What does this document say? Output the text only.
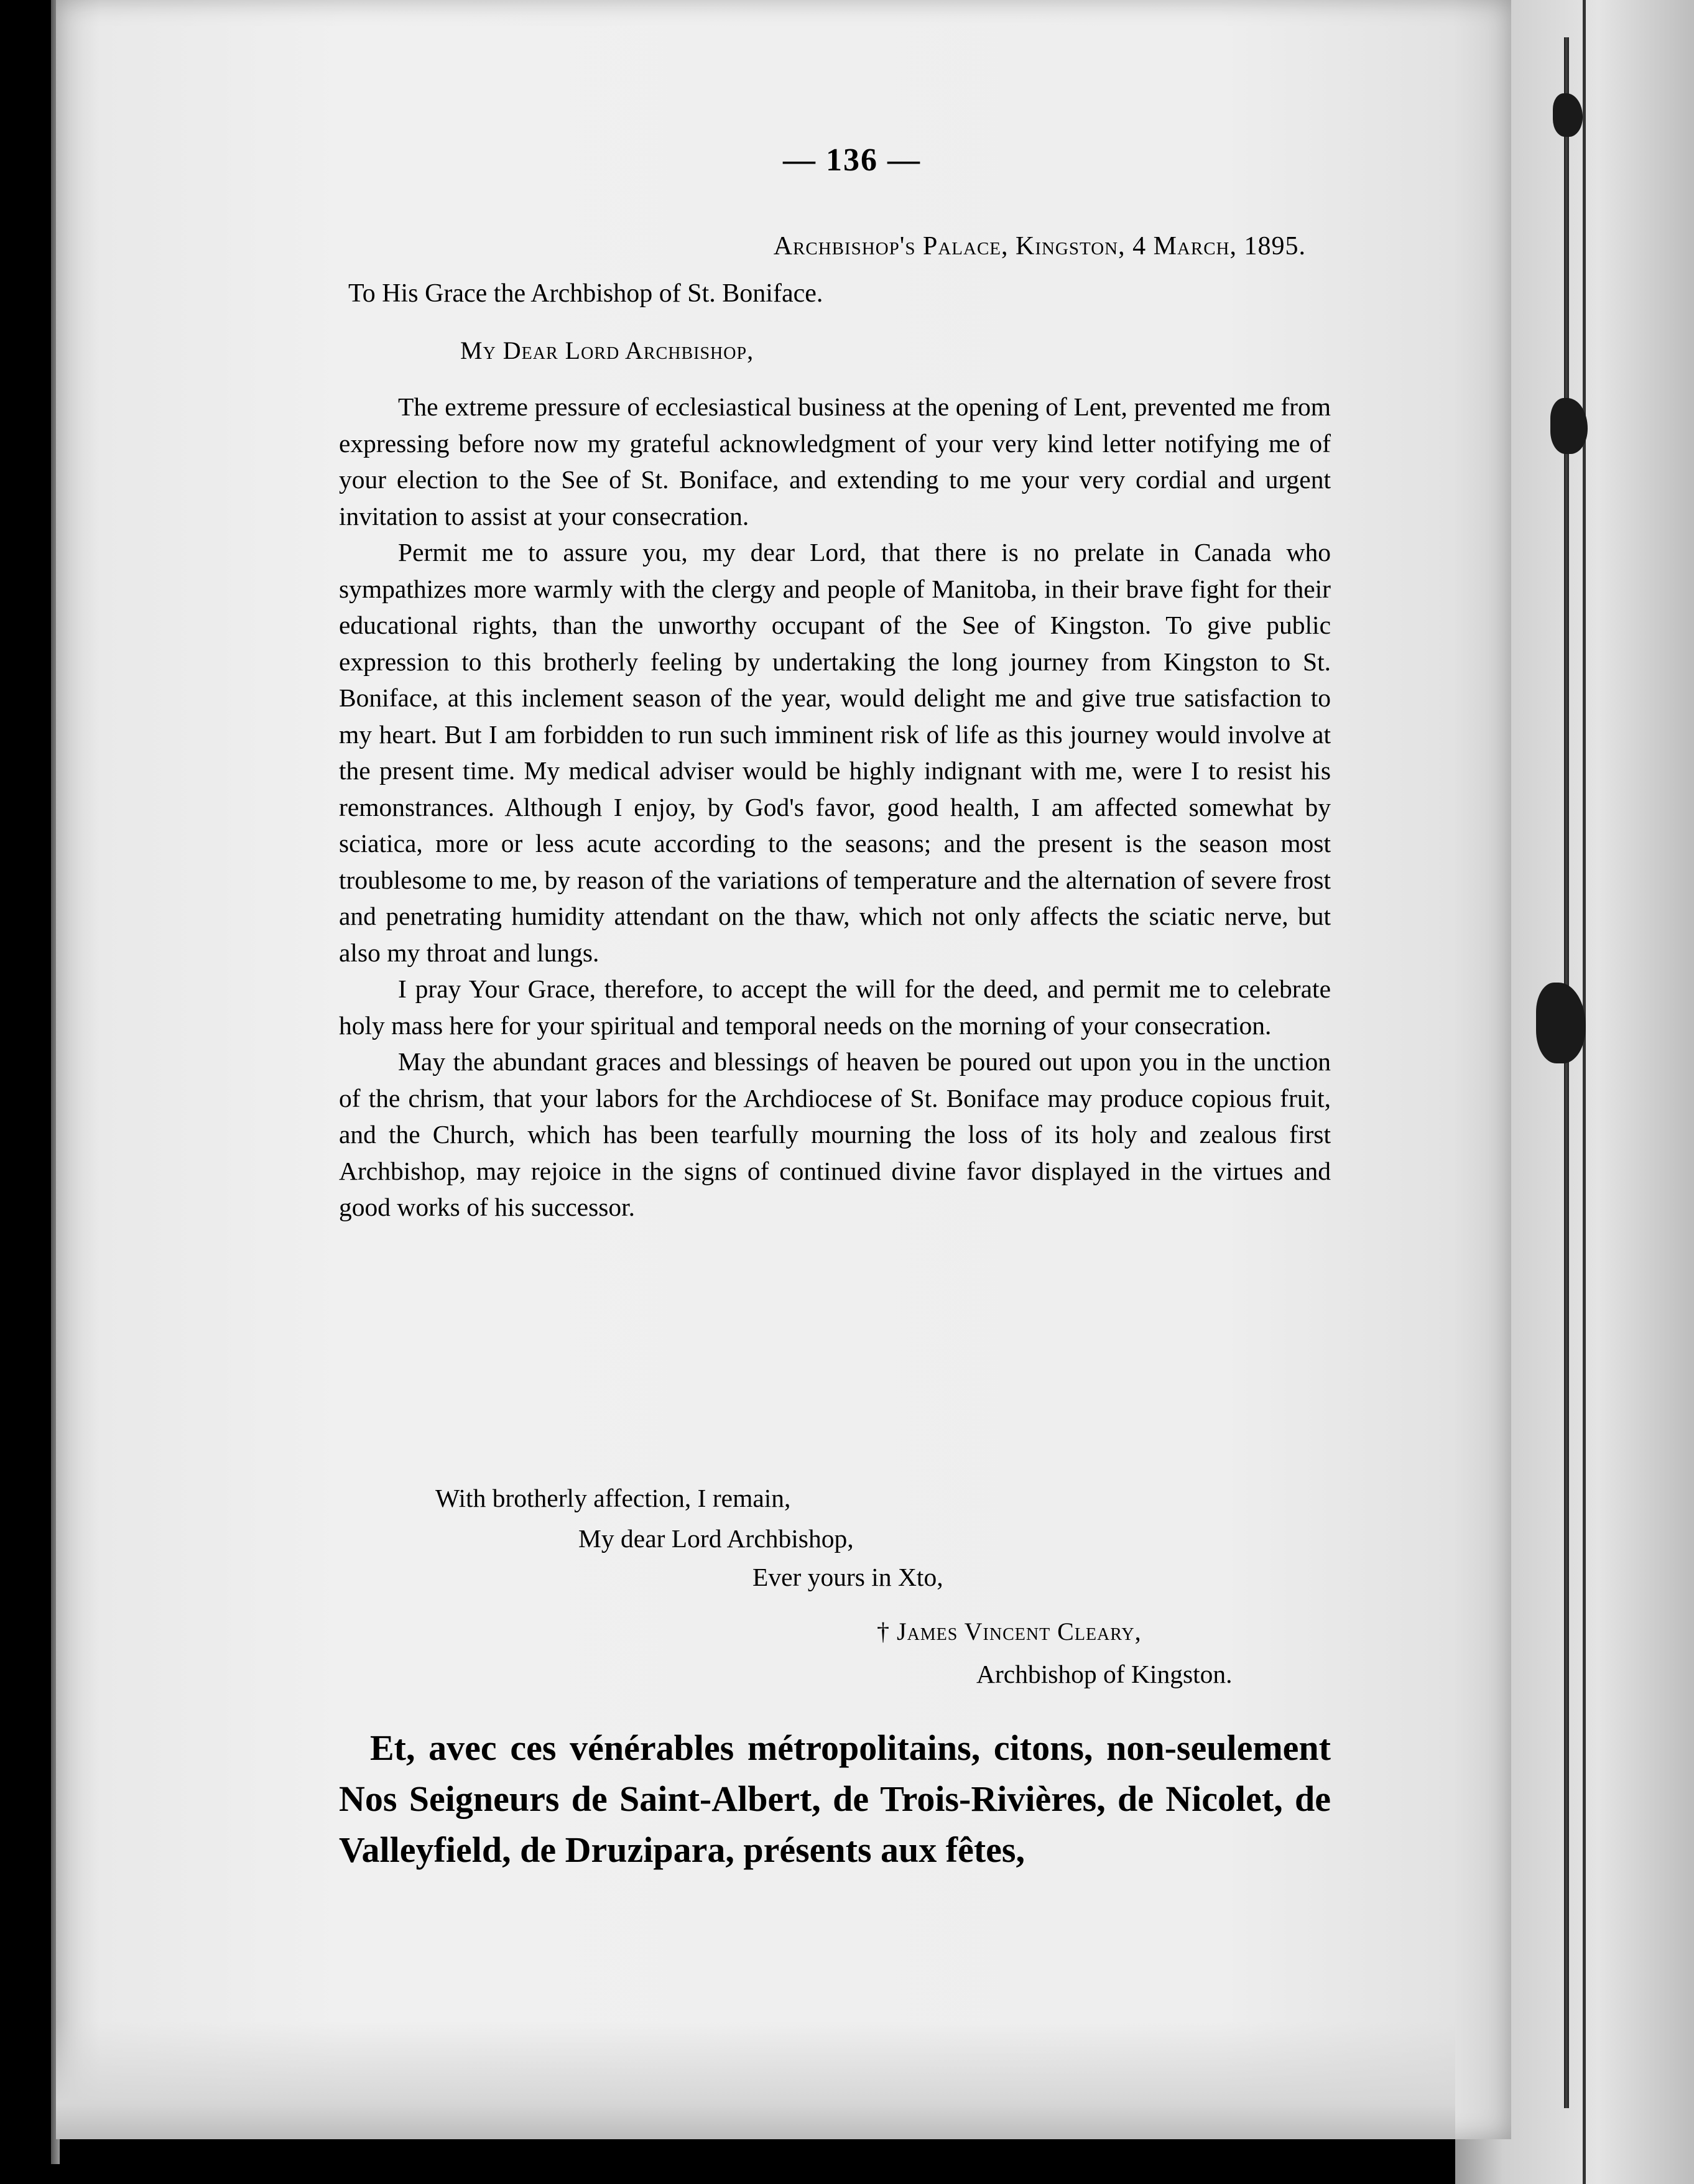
— 136 —
Archbishop's Palace, Kingston, 4 March, 1895.
To His Grace the Archbishop of St. Boniface.
My Dear Lord Archbishop,

The extreme pressure of ecclesiastical business at the opening of Lent, prevented me from expressing before now my grateful acknowledgment of your very kind letter notifying me of your election to the See of St. Boniface, and extending to me your very cordial and urgent invitation to assist at your consecration.

Permit me to assure you, my dear Lord, that there is no prelate in Canada who sympathizes more warmly with the clergy and people of Manitoba, in their brave fight for their educational rights, than the unworthy occupant of the See of Kingston. To give public expression to this brotherly feeling by undertaking the long journey from Kingston to St. Boniface, at this inclement season of the year, would delight me and give true satisfaction to my heart. But I am forbidden to run such imminent risk of life as this journey would involve at the present time. My medical adviser would be highly indignant with me, were I to resist his remonstrances. Although I enjoy, by God's favor, good health, I am affected somewhat by sciatica, more or less acute according to the seasons; and the present is the season most troublesome to me, by reason of the variations of temperature and the alternation of severe frost and penetrating humidity attendant on the thaw, which not only affects the sciatic nerve, but also my throat and lungs.

I pray Your Grace, therefore, to accept the will for the deed, and permit me to celebrate holy mass here for your spiritual and temporal needs on the morning of your consecration.

May the abundant graces and blessings of heaven be poured out upon you in the unction of the chrism, that your labors for the Archdiocese of St. Boniface may produce copious fruit, and the Church, which has been tearfully mourning the loss of its holy and zealous first Archbishop, may rejoice in the signs of continued divine favor displayed in the virtues and good works of his successor.

With brotherly affection, I remain,
My dear Lord Archbishop,
Ever yours in Xto,
† James Vincent Cleary,
Archbishop of Kingston.
Et, avec ces vénérables métropolitains, citons, non-seulement Nos Seigneurs de Saint-Albert, de Trois-Rivières, de Nicolet, de Valleyfield, de Druzipara, présents aux fêtes,
